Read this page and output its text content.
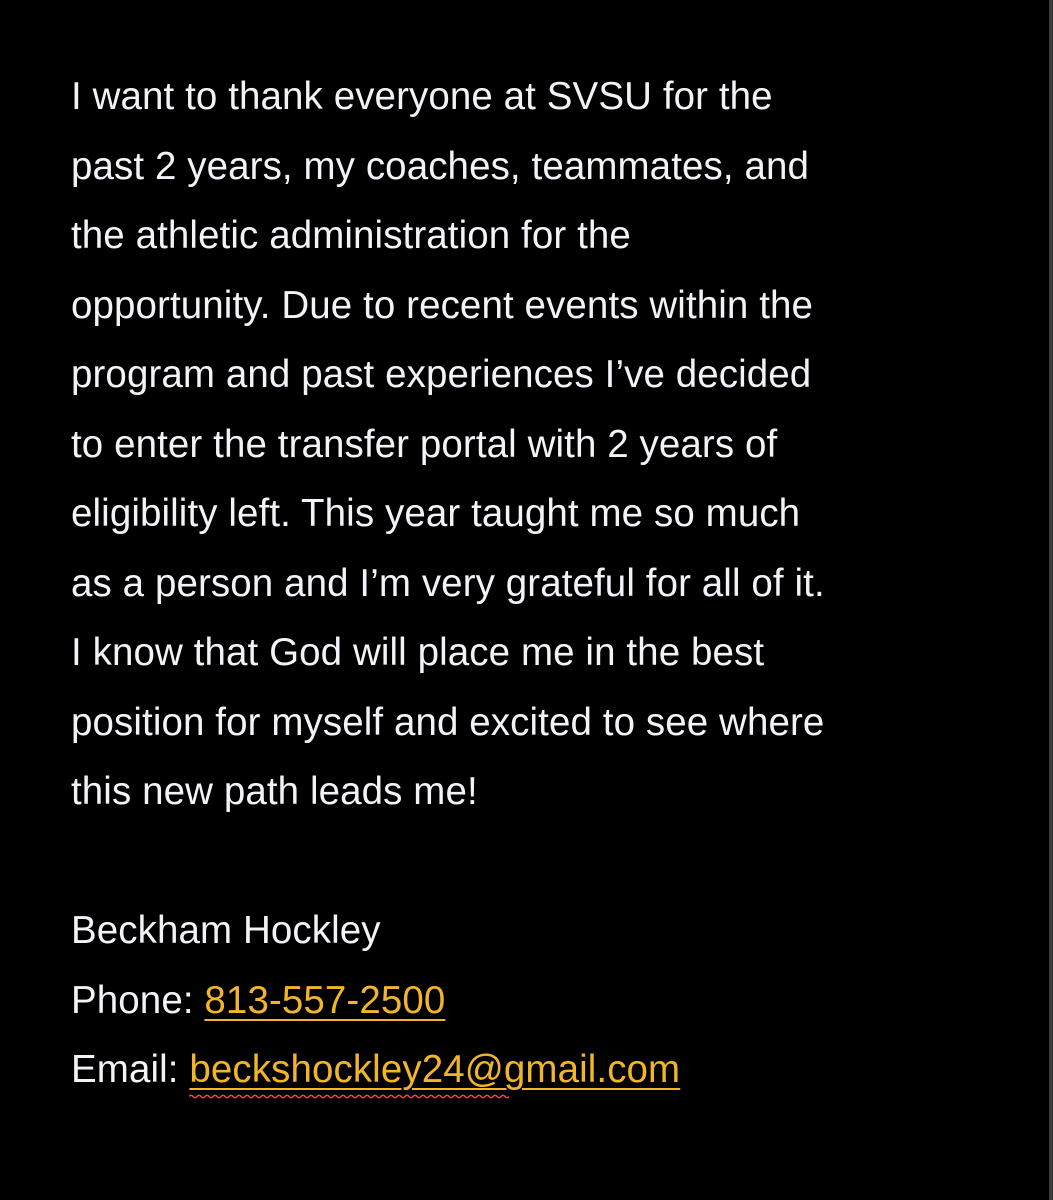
I want to thank everyone at SVSU for the
past 2 years, my coaches, teammates, and
the athletic administration for the
opportunity. Due to recent events within the
program and past experiences I’ve decided
to enter the transfer portal with 2 years of
eligibility left. This year taught me so much
as a person and I’m very grateful for all of it.
I know that God will place me in the best
position for myself and excited to see where
this new path leads me!
Beckham Hockley
Phone: 813-557-2500
Email: beckshockley24@gmail.com
